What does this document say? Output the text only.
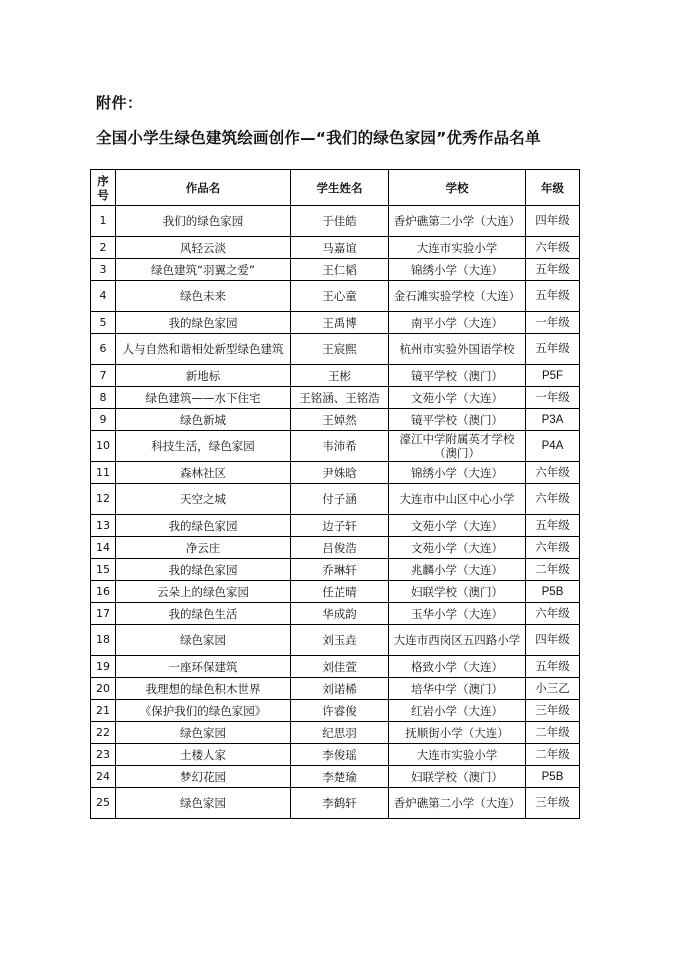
附件：
全国小学生绿色建筑绘画创作—“我们的绿色家园”优秀作品名单
序号	作品名	学生姓名	学校	年级
1	我们的绿色家园	于佳皓	香炉礁第二小学（大连）	四年级
2	风轻云淡	马嘉谊	大连市实验小学	六年级
3	绿色建筑“羽翼之爱”	王仁韬	锦绣小学（大连）	五年级
4	绿色未来	王心童	金石滩实验学校（大连）	五年级
5	我的绿色家园	王禹博	南平小学（大连）	一年级
6	人与自然和谐相处新型绿色建筑	王宸熙	杭州市实验外国语学校	五年级
7	新地标	王彬	镜平学校（澳门）	P5F
8	绿色建筑——水下住宅	王铭涵、王铭浩	文苑小学（大连）	一年级
9	绿色新城	王婥然	镜平学校（澳门）	P3A
10	科技生活，绿色家园	韦沛希	濠江中学附属英才学校（澳门）	P4A
11	森林社区	尹姝晗	锦绣小学（大连）	六年级
12	天空之城	付子涵	大连市中山区中心小学	六年级
13	我的绿色家园	边子轩	文苑小学（大连）	五年级
14	净云庄	吕俊浩	文苑小学（大连）	六年级
15	我的绿色家园	乔琳轩	兆麟小学（大连）	二年级
16	云朵上的绿色家园	任芷晴	妇联学校（澳门）	P5B
17	我的绿色生活	华成韵	玉华小学（大连）	六年级
18	绿色家园	刘玉垚	大连市西岗区五四路小学	四年级
19	一座环保建筑	刘佳萱	格致小学（大连）	五年级
20	我理想的绿色积木世界	刘诺桸	培华中学（澳门）	小三乙
21	《保护我们的绿色家园》	许睿俊	红岩小学（大连）	三年级
22	绿色家园	纪思羽	抚顺街小学（大连）	二年级
23	土楼人家	李俊瑶	大连市实验小学	二年级
24	梦幻花园	李楚瑜	妇联学校（澳门）	P5B
25	绿色家园	李鹤轩	香炉礁第二小学（大连）	三年级
